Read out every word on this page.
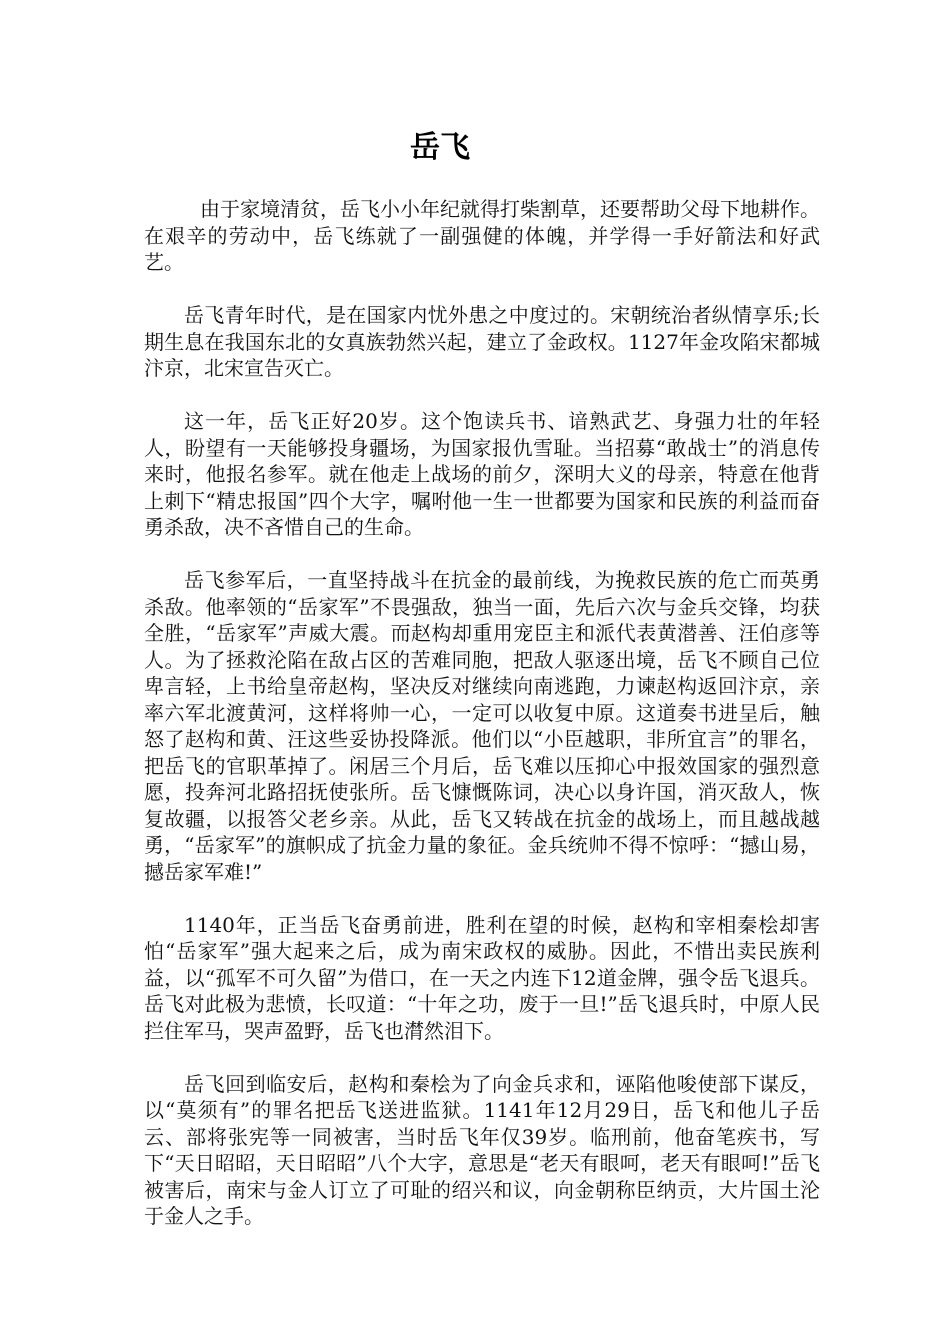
岳飞

由于家境清贫，岳飞小小年纪就得打柴割草，还要帮助父母下地耕作。在艰辛的劳动中，岳飞练就了一副强健的体魄，并学得一手好箭法和好武艺。

岳飞青年时代，是在国家内忧外患之中度过的。宋朝统治者纵情享乐;长期生息在我国东北的女真族勃然兴起，建立了金政权。1127年金攻陷宋都城汴京，北宋宣告灭亡。

这一年，岳飞正好20岁。这个饱读兵书、谙熟武艺、身强力壮的年轻人，盼望有一天能够投身疆场，为国家报仇雪耻。当招募“敢战士”的消息传来时，他报名参军。就在他走上战场的前夕，深明大义的母亲，特意在他背上刺下“精忠报国”四个大字，嘱咐他一生一世都要为国家和民族的利益而奋勇杀敌，决不吝惜自己的生命。

岳飞参军后，一直坚持战斗在抗金的最前线，为挽救民族的危亡而英勇杀敌。他率领的“岳家军”不畏强敌，独当一面，先后六次与金兵交锋，均获全胜，“岳家军”声威大震。而赵构却重用宠臣主和派代表黄潜善、汪伯彦等人。为了拯救沦陷在敌占区的苦难同胞，把敌人驱逐出境，岳飞不顾自己位卑言轻，上书给皇帝赵构，坚决反对继续向南逃跑，力谏赵构返回汴京，亲率六军北渡黄河，这样将帅一心，一定可以收复中原。这道奏书进呈后，触怒了赵构和黄、汪这些妥协投降派。他们以“小臣越职，非所宜言”的罪名，把岳飞的官职革掉了。闲居三个月后，岳飞难以压抑心中报效国家的强烈意愿，投奔河北路招抚使张所。岳飞慷慨陈词，决心以身许国，消灭敌人，恢复故疆，以报答父老乡亲。从此，岳飞又转战在抗金的战场上，而且越战越勇，“岳家军”的旗帜成了抗金力量的象征。金兵统帅不得不惊呼：“撼山易，撼岳家军难!”

1140年，正当岳飞奋勇前进，胜利在望的时候，赵构和宰相秦桧却害怕“岳家军”强大起来之后，成为南宋政权的威胁。因此，不惜出卖民族利益，以“孤军不可久留”为借口，在一天之内连下12道金牌，强令岳飞退兵。岳飞对此极为悲愤，长叹道：“十年之功，废于一旦!”岳飞退兵时，中原人民拦住军马，哭声盈野，岳飞也潸然泪下。

岳飞回到临安后，赵构和秦桧为了向金兵求和，诬陷他唆使部下谋反，以“莫须有”的罪名把岳飞送进监狱。1141年12月29日，岳飞和他儿子岳云、部将张宪等一同被害，当时岳飞年仅39岁。临刑前，他奋笔疾书，写下“天日昭昭，天日昭昭”八个大字，意思是“老天有眼呵，老天有眼呵!”岳飞被害后，南宋与金人订立了可耻的绍兴和议，向金朝称臣纳贡，大片国土沦于金人之手。
